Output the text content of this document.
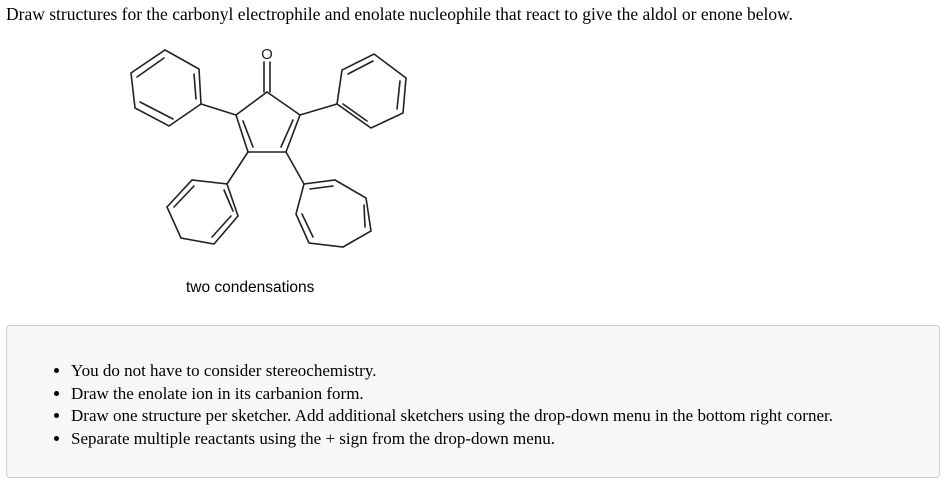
Draw structures for the carbonyl electrophile and enolate nucleophile that react to give the aldol or enone below.
O
two condensations
• You do not have to consider stereochemistry.
• Draw the enolate ion in its carbanion form.
• Draw one structure per sketcher. Add additional sketchers using the drop-down menu in the bottom right corner.
• Separate multiple reactants using the + sign from the drop-down menu.
